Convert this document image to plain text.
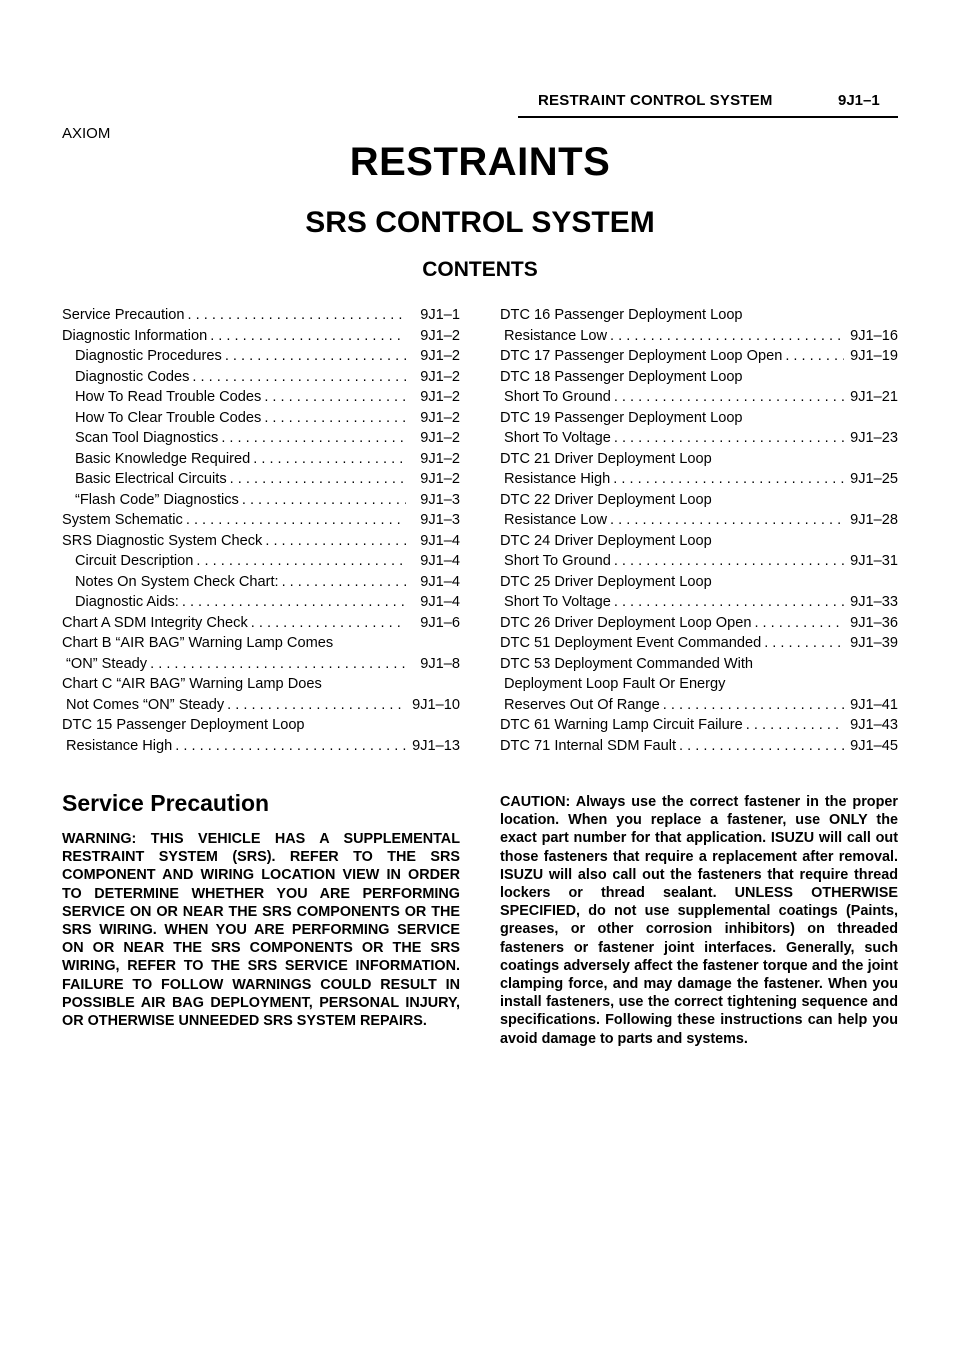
RESTRAINT CONTROL SYSTEM	9J1–1
AXIOM
RESTRAINTS
SRS CONTROL SYSTEM
CONTENTS
Service Precaution . . .	9J1–1
Diagnostic Information . . .	9J1–2
Diagnostic Procedures . . .	9J1–2
Diagnostic Codes . . .	9J1–2
How To Read Trouble Codes . . .	9J1–2
How To Clear Trouble Codes . . .	9J1–2
Scan Tool Diagnostics . . .	9J1–2
Basic Knowledge Required . . .	9J1–2
Basic Electrical Circuits . . .	9J1–2
“Flash Code” Diagnostics . . .	9J1–3
System Schematic . . .	9J1–3
SRS Diagnostic System Check . . .	9J1–4
Circuit Description . . .	9J1–4
Notes On System Check Chart: . . .	9J1–4
Diagnostic Aids: . . .	9J1–4
Chart A SDM Integrity Check . . .	9J1–6
Chart B “AIR BAG” Warning Lamp Comes
“ON” Steady . . .	9J1–8
Chart C “AIR BAG” Warning Lamp Does
Not Comes “ON” Steady . . .	9J1–10
DTC 15 Passenger Deployment Loop
Resistance High . . .	9J1–13
DTC 16 Passenger Deployment Loop
Resistance Low . . .	9J1–16
DTC 17 Passenger Deployment Loop Open . . .	9J1–19
DTC 18 Passenger Deployment Loop
Short To Ground . . .	9J1–21
DTC 19 Passenger Deployment Loop
Short To Voltage . . .	9J1–23
DTC 21 Driver Deployment Loop
Resistance High . . .	9J1–25
DTC 22 Driver Deployment Loop
Resistance Low . . .	9J1–28
DTC 24 Driver Deployment Loop
Short To Ground . . .	9J1–31
DTC 25 Driver Deployment Loop
Short To Voltage . . .	9J1–33
DTC 26 Driver Deployment Loop Open . . .	9J1–36
DTC 51 Deployment Event Commanded . . .	9J1–39
DTC 53 Deployment Commanded With
Deployment Loop Fault Or Energy
Reserves Out Of Range . . .	9J1–41
DTC 61 Warning Lamp Circuit Failure . . .	9J1–43
DTC 71 Internal SDM Fault . . .	9J1–45
Service Precaution
WARNING: THIS VEHICLE HAS A SUPPLEMENTAL RESTRAINT SYSTEM (SRS). REFER TO THE SRS COMPONENT AND WIRING LOCATION VIEW IN ORDER TO DETERMINE WHETHER YOU ARE PERFORMING SERVICE ON OR NEAR THE SRS COMPONENTS OR THE SRS WIRING. WHEN YOU ARE PERFORMING SERVICE ON OR NEAR THE SRS COMPONENTS OR THE SRS WIRING, REFER TO THE SRS SERVICE INFORMATION. FAILURE TO FOLLOW WARNINGS COULD RESULT IN POSSIBLE AIR BAG DEPLOYMENT, PERSONAL INJURY, OR OTHERWISE UNNEEDED SRS SYSTEM REPAIRS.
CAUTION: Always use the correct fastener in the proper location. When you replace a fastener, use ONLY the exact part number for that application. ISUZU will call out those fasteners that require a replacement after removal. ISUZU will also call out the fasteners that require thread lockers or thread sealant. UNLESS OTHERWISE SPECIFIED, do not use supplemental coatings (Paints, greases, or other corrosion inhibitors) on threaded fasteners or fastener joint interfaces. Generally, such coatings adversely affect the fastener torque and the joint clamping force, and may damage the fastener. When you install fasteners, use the correct tightening sequence and specifications. Following these instructions can help you avoid damage to parts and systems.
